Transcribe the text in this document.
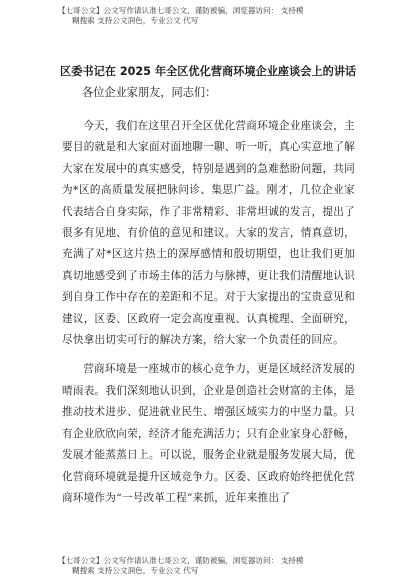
【七哥公文】公文写作请认准七哥公文，谨防被骗，浏览器访问： 支持模
糊搜索 支持公文润色，专业公文 代写
区委书记在 2025 年全区优化营商环境企业座谈会上的讲话
各位企业家朋友，同志们：

今天，我们在这里召开全区优化营商环境企业座谈会，主要目的就是和大家面对面地聊一聊、听一听，真心实意地了解大家在发展中的真实感受，特别是遇到的急难愁盼问题，共同为*区的高质量发展把脉问诊、集思广益。刚才，几位企业家代表结合自身实际，作了非常精彩、非常坦诚的发言，提出了很多有见地、有价值的意见和建议。大家的发言，情真意切，充满了对*区这片热土的深厚感情和殷切期望，也让我们更加真切地感受到了市场主体的活力与脉搏，更让我们清醒地认识到自身工作中存在的差距和不足。对于大家提出的宝贵意见和建议，区委、区政府一定会高度重视、认真梳理、全面研究，尽快拿出切实可行的解决方案，给大家一个负责任的回应。

营商环境是一座城市的核心竞争力，更是区域经济发展的晴雨表。我们深刻地认识到，企业是创造社会财富的主体，是推动技术进步、促进就业民生、增强区域实力的中坚力量。只有企业欣欣向荣，经济才能充满活力；只有企业家身心舒畅，发展才能蒸蒸日上。可以说，服务企业就是服务发展大局，优化营商环境就是提升区域竞争力。区委、区政府始终把优化营商环境作为“一号改革工程”来抓，近年来推出了

【七哥公文】公文写作请认准七哥公文，谨防被骗，浏览器访问： 支持模
糊搜索 支持公文润色，专业公文 代写
